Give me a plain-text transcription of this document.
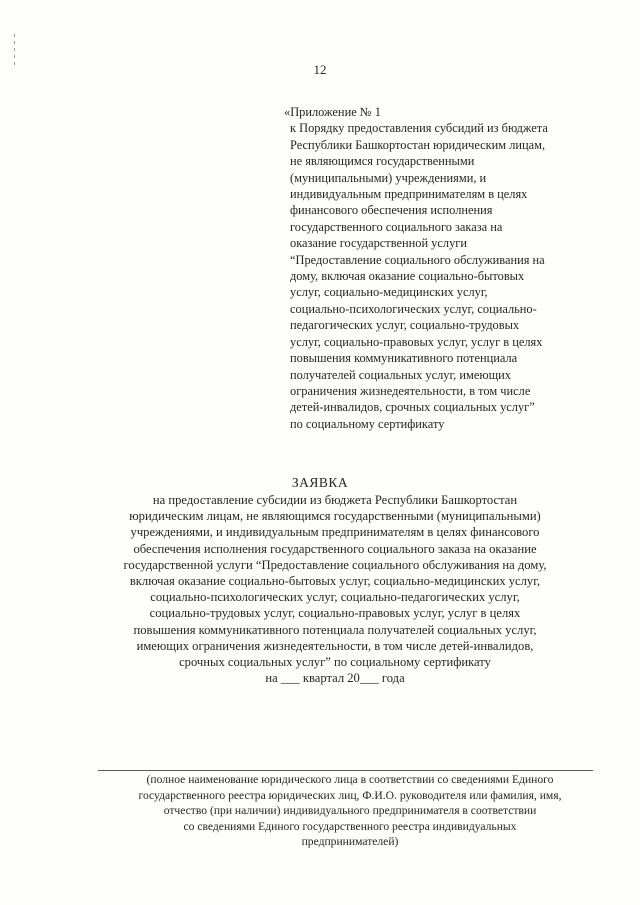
12
«Приложение № 1
к Порядку предоставления субсидий из бюджета
Республики Башкортостан юридическим лицам,
не являющимся государственными
(муниципальными) учреждениями, и
индивидуальным предпринимателям в целях
финансового обеспечения исполнения
государственного социального заказа на
оказание государственной услуги
“Предоставление социального обслуживания на
дому, включая оказание социально-бытовых
услуг, социально-медицинских услуг,
социально-психологических услуг, социально-
педагогических услуг, социально-трудовых
услуг, социально-правовых услуг, услуг в целях
повышения коммуникативного потенциала
получателей социальных услуг, имеющих
ограничения жизнедеятельности, в том числе
детей-инвалидов, срочных социальных услуг”
по социальному сертификату
ЗАЯВКА
на предоставление субсидии из бюджета Республики Башкортостан
юридическим лицам, не являющимся государственными (муниципальными)
учреждениями, и индивидуальным предпринимателям в целях финансового
обеспечения исполнения государственного социального заказа на оказание
государственной услуги “Предоставление социального обслуживания на дому,
включая оказание социально-бытовых услуг, социально-медицинских услуг,
социально-психологических услуг, социально-педагогических услуг,
социально-трудовых услуг, социально-правовых услуг, услуг в целях
повышения коммуникативного потенциала получателей социальных услуг,
имеющих ограничения жизнедеятельности, в том числе детей-инвалидов,
срочных социальных услуг” по социальному сертификату
на ___ квартал 20___ года
(полное наименование юридического лица в соответствии со сведениями Единого
государственного реестра юридических лиц, Ф.И.О. руководителя или фамилия, имя,
отчество (при наличии) индивидуального предпринимателя в соответствии
со сведениями Единого государственного реестра индивидуальных
предпринимателей)
